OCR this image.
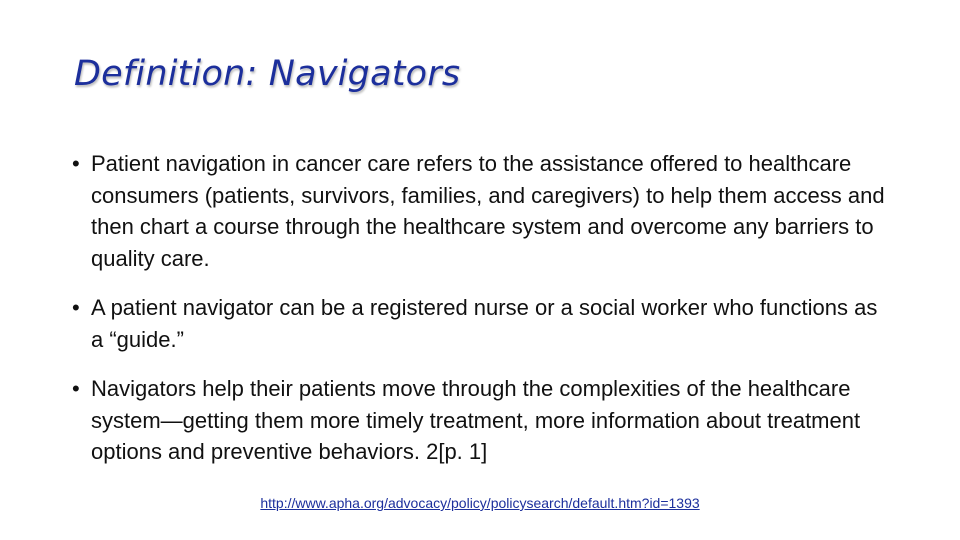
Definition: Navigators
• Patient navigation in cancer care refers to the assistance offered to healthcare consumers (patients, survivors, families, and caregivers) to help them access and then chart a course through the healthcare system and overcome any barriers to quality care.
• A patient navigator can be a registered nurse or a social worker who functions as a “guide.”
• Navigators help their patients move through the complexities of the healthcare system—getting them more timely treatment, more information about treatment options and preventive behaviors. 2[p. 1]
http://www.apha.org/advocacy/policy/policysearch/default.htm?id=1393
